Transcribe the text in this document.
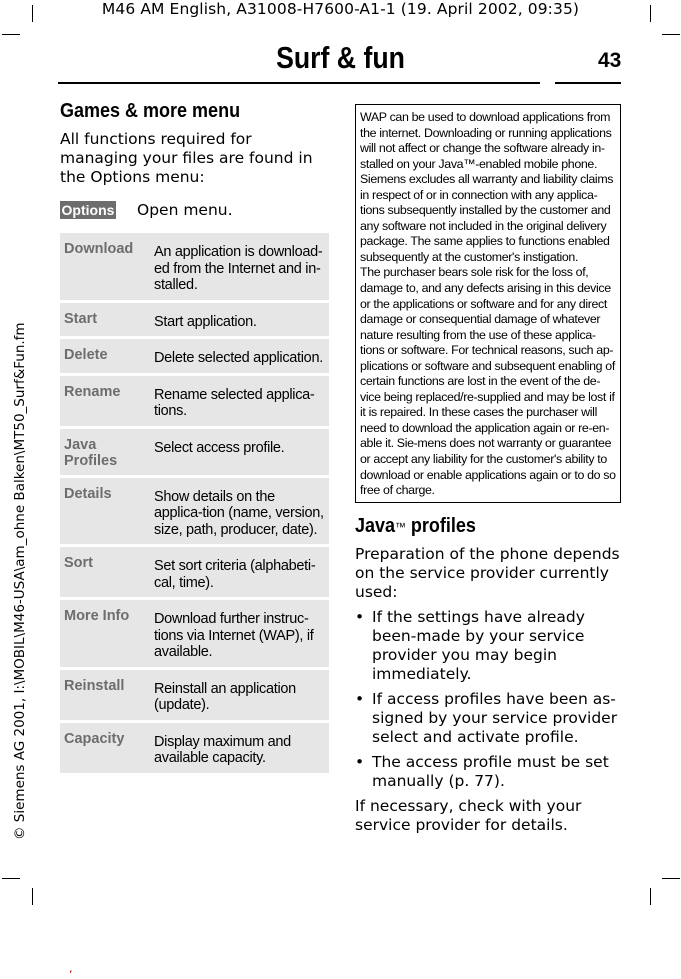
M46 AM English, A31008-H7600-A1-1 (19. April 2002, 09:35)
Surf & fun	43
© Siemens AG 2001, I:\MOBIL\M46-USA\am_ohne Balken\MT50_Surf&Fun.fm
Games & more menu
All functions required for managing your files are found in the Options menu:
Options Open menu.
Download	An application is download-ed from the Internet and in-stalled.
Start	Start application.
Delete	Delete selected application.
Rename	Rename selected applica-tions.
Java Profiles	Select access profile.
Details	Show details on the applica-tion (name, version, size, path, producer, date).
Sort	Set sort criteria (alphabeti-cal, time).
More Info	Download further instruc-tions via Internet (WAP), if available.
Reinstall	Reinstall an application (update).
Capacity	Display maximum and available capacity.

WAP can be used to download applications from the internet. Downloading or running applications will not affect or change the software already in-stalled on your Java™-enabled mobile phone. Siemens excludes all warranty and liability claims in respect of or in connection with any applica-tions subsequently installed by the customer and any software not included in the original delivery package. The same applies to functions enabled subsequently at the customer's instigation.

The purchaser bears sole risk for the loss of, damage to, and any defects arising in this device or the applications or software and for any direct damage or consequential damage of whatever nature resulting from the use of these applica-tions or software. For technical reasons, such ap-plications or software and subsequent enabling of certain functions are lost in the event of the de-vice being replaced/re-supplied and may be lost if it is repaired. In these cases the purchaser will need to download the application again or re-en-able it. Sie-mens does not warranty or guarantee or accept any liability for the customer's ability to download or enable applications again or to do so free of charge.

Java™ profiles
Preparation of the phone depends on the service provider currently used:
• If the settings have already been-made by your service provider you may begin immediately.
• If access profiles have been as-signed by your service provider select and activate profile.
• The access profile must be set manually (p. 77).
If necessary, check with your service provider for details.
,
